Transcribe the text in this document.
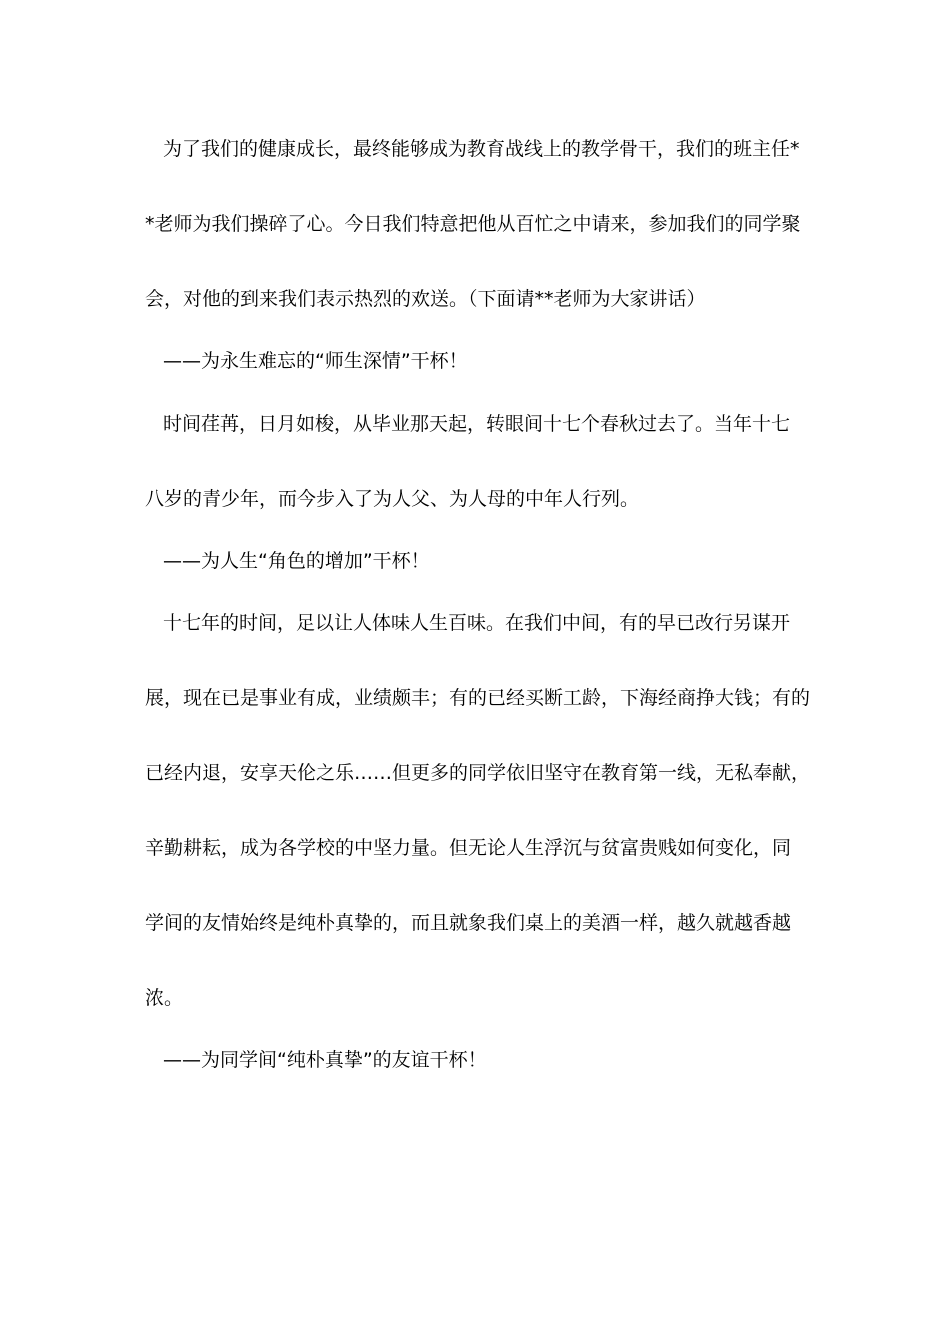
为了我们的健康成长，最终能够成为教育战线上的教学骨干，我们的班主任*
*老师为我们操碎了心。今日我们特意把他从百忙之中请来，参加我们的同学聚
会，对他的到来我们表示热烈的欢送。（下面请**老师为大家讲话）
——为永生难忘的“师生深情”干杯！
时间荏苒，日月如梭，从毕业那天起，转眼间十七个春秋过去了。当年十七
八岁的青少年，而今步入了为人父、为人母的中年人行列。
——为人生“角色的增加”干杯！
十七年的时间，足以让人体味人生百味。在我们中间，有的早已改行另谋开
展，现在已是事业有成，业绩颇丰；有的已经买断工龄，下海经商挣大钱；有的
已经内退，安享天伦之乐……但更多的同学依旧坚守在教育第一线，无私奉献，
辛勤耕耘，成为各学校的中坚力量。但无论人生浮沉与贫富贵贱如何变化，同
学间的友情始终是纯朴真挚的，而且就象我们桌上的美酒一样，越久就越香越
浓。
——为同学间“纯朴真挚”的友谊干杯！
